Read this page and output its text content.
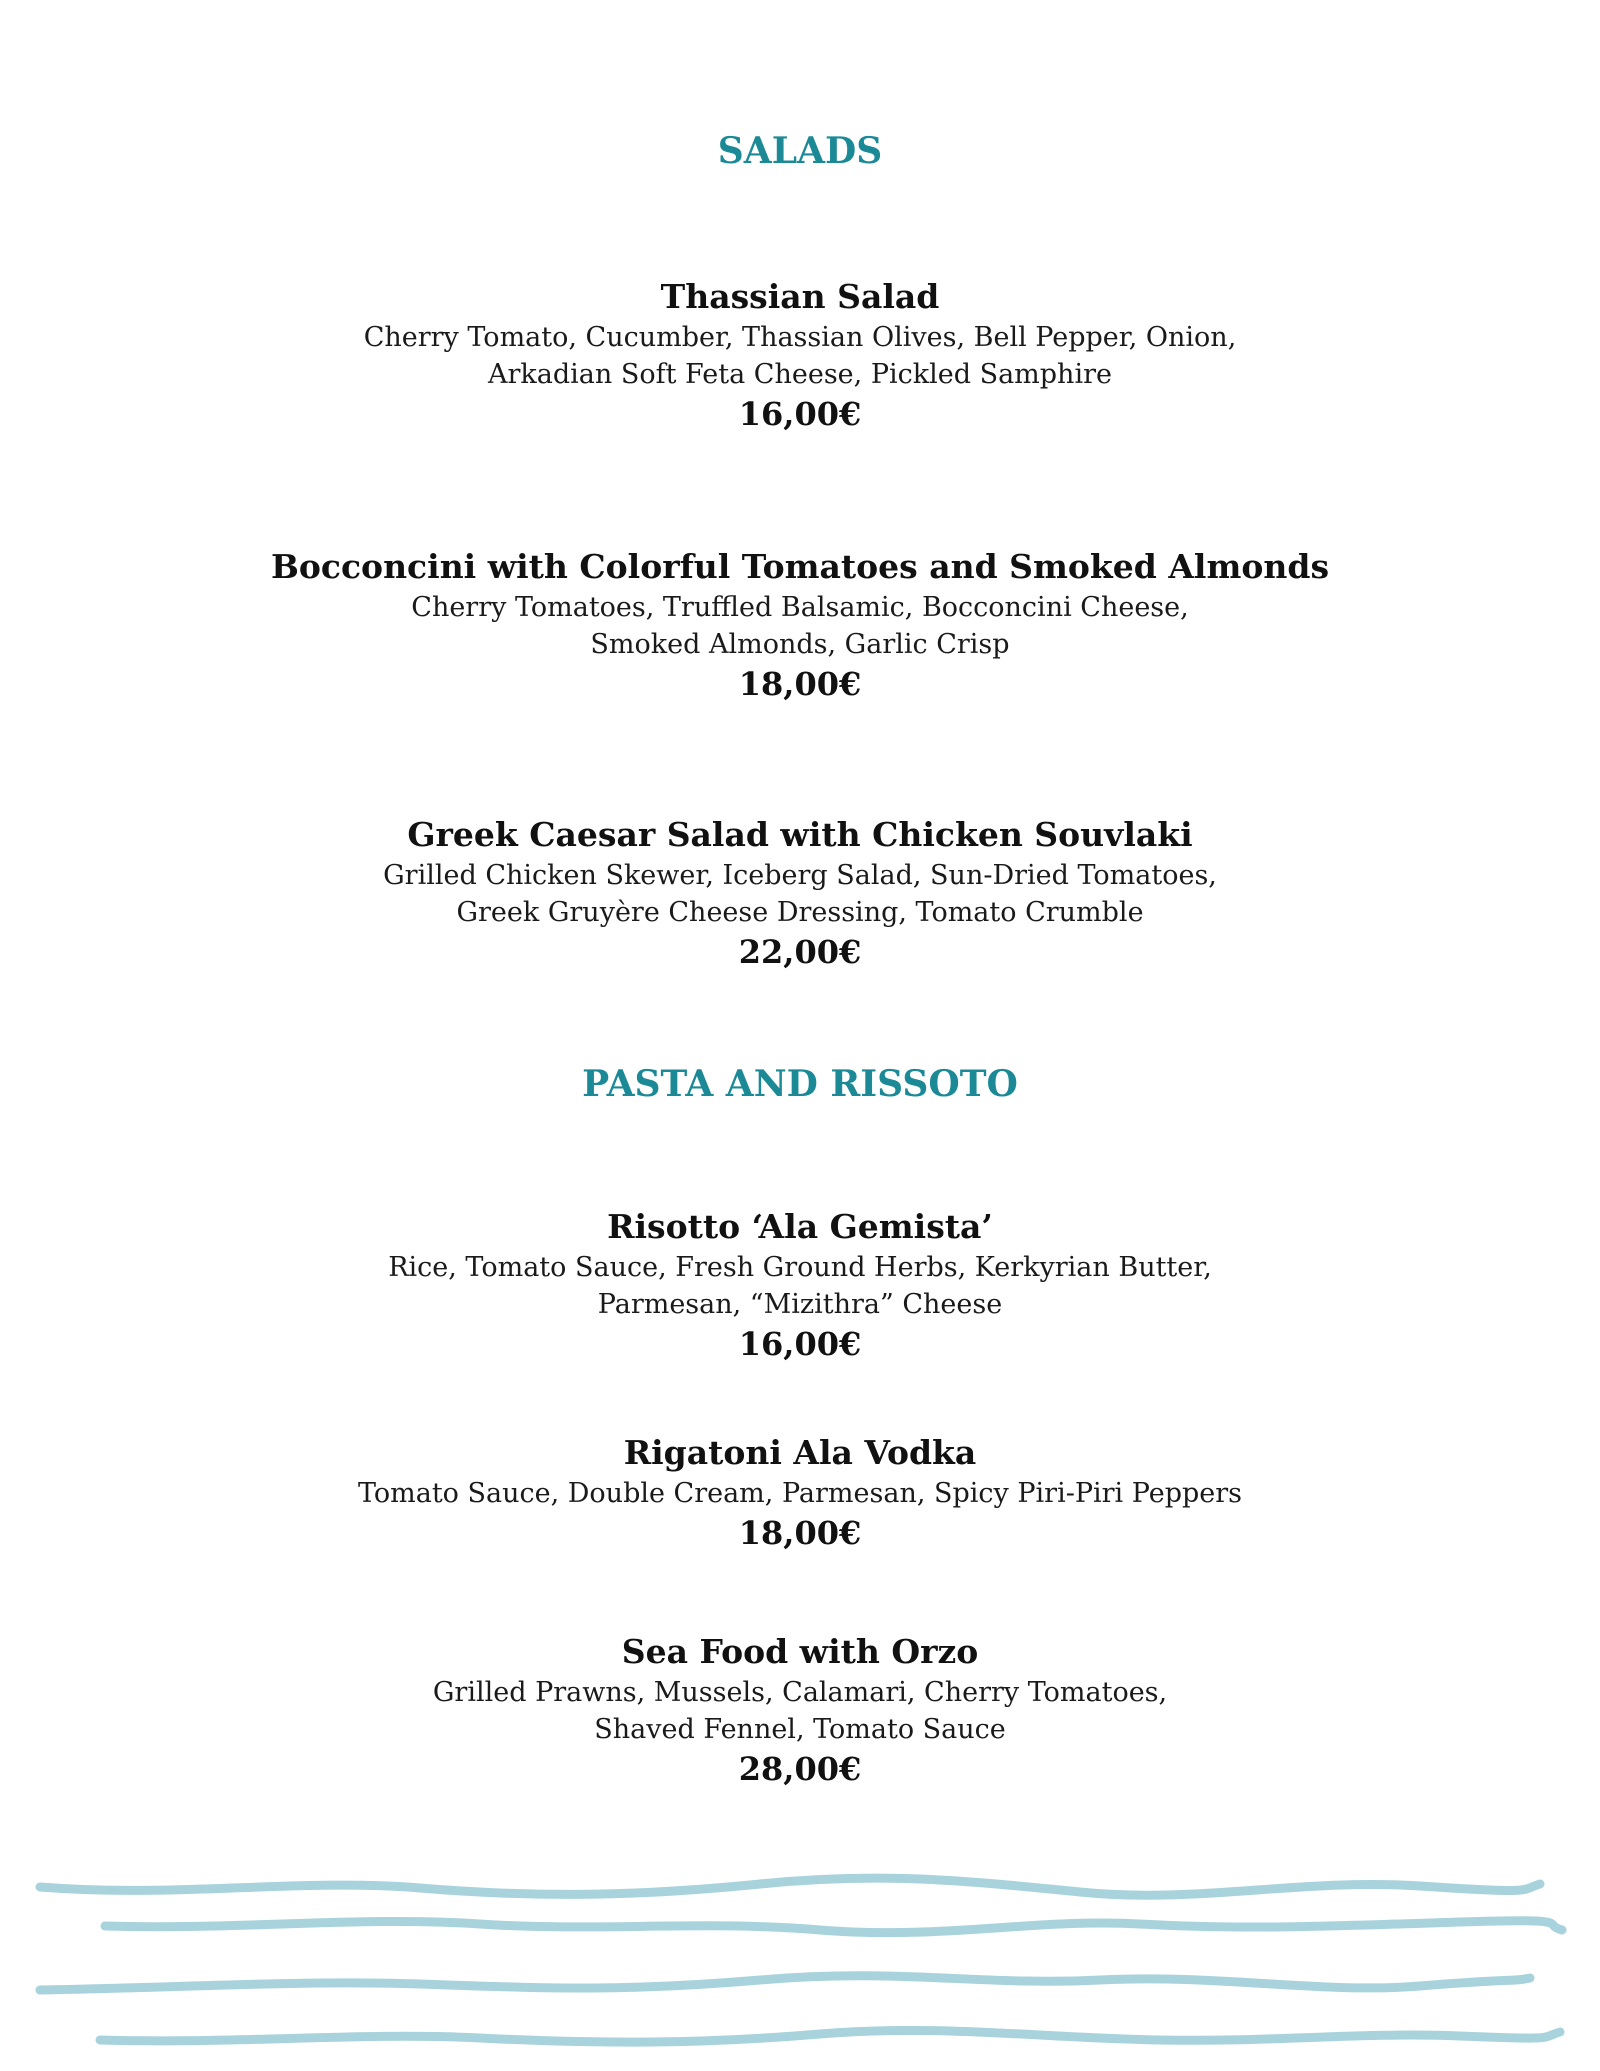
SALADS
Thassian Salad
Cherry Tomato, Cucumber, Thassian Olives, Bell Pepper, Onion,
Arkadian Soft Feta Cheese, Pickled Samphire
16,00€
Bocconcini with Colorful Tomatoes and Smoked Almonds
Cherry Tomatoes, Truffled Balsamic, Bocconcini Cheese,
Smoked Almonds, Garlic Crisp
18,00€
Greek Caesar Salad with Chicken Souvlaki
Grilled Chicken Skewer, Iceberg Salad, Sun-Dried Tomatoes,
Greek Gruyère Cheese Dressing, Tomato Crumble
22,00€
PASTA AND RISSOTO
Risotto ‘Ala Gemista’
Rice, Tomato Sauce, Fresh Ground Herbs, Kerkyrian Butter,
Parmesan, “Mizithra” Cheese
16,00€
Rigatoni Ala Vodka
Tomato Sauce, Double Cream, Parmesan, Spicy Piri-Piri Peppers
18,00€
Sea Food with Orzo
Grilled Prawns, Mussels, Calamari, Cherry Tomatoes,
Shaved Fennel, Tomato Sauce
28,00€
